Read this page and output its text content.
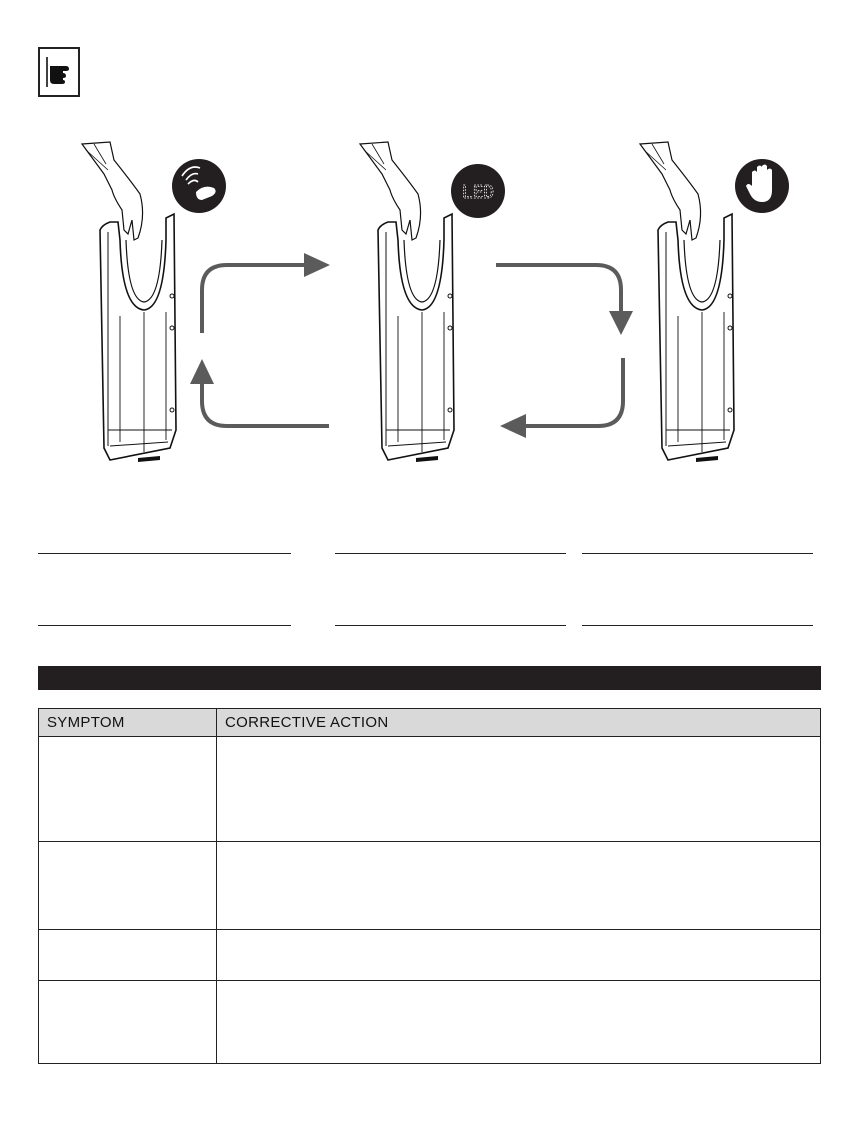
LED
SYMPTOM	CORRECTIVE ACTION
